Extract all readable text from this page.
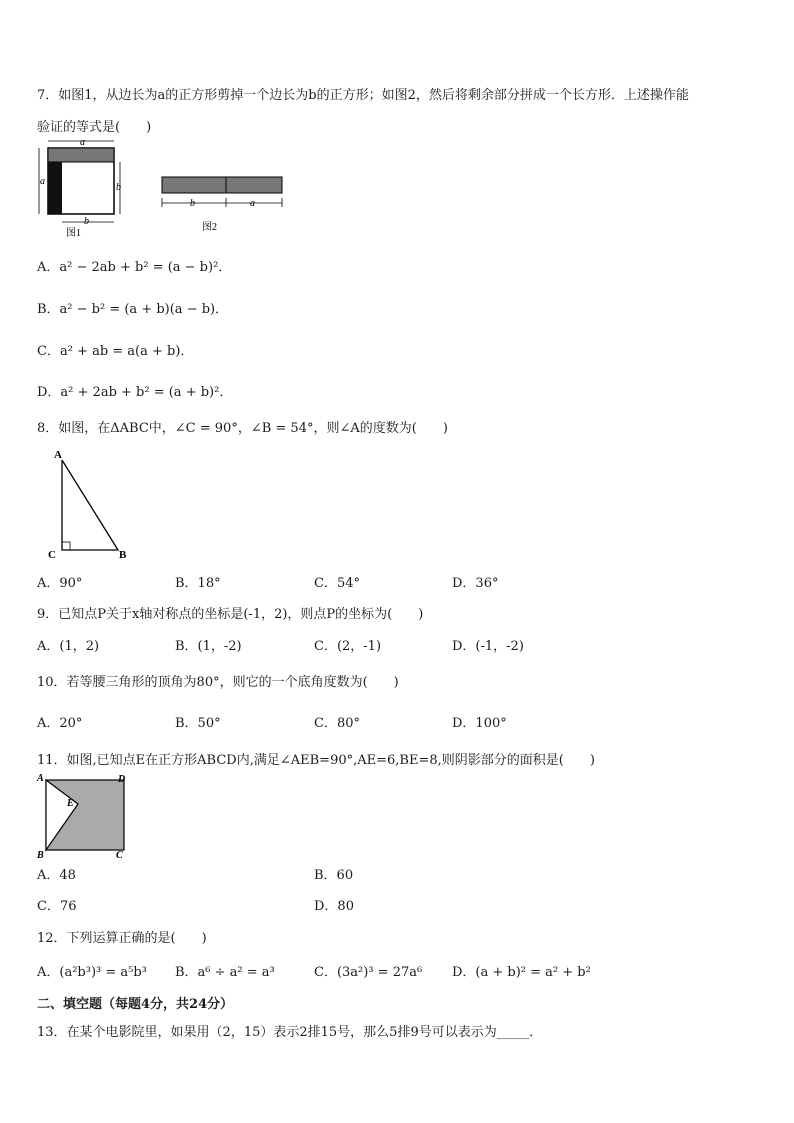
7．如图1，从边长为a的正方形剪掉一个边长为b的正方形；如图2，然后将剩余部分拼成一个长方形．上述操作能
验证的等式是(　　)
a
a
b
b
图1
b	a
图2
A．a² − 2ab + b² = (a − b)²．
B．a² − b² = (a + b)(a − b)．
C．a² + ab = a(a + b)．
D．a² + 2ab + b² = (a + b)²．
8．如图，在ΔABC中，∠C = 90°，∠B = 54°，则∠A的度数为(　　)
A
C	B
A．90°	B．18°	C．54°	D．36°
9．已知点P关于x轴对称点的坐标是(-1，2)，则点P的坐标为(　　)
A．(1，2)	B．(1，-2)	C．(2，-1)	D．(-1，-2)
10．若等腰三角形的顶角为80°，则它的一个底角度数为(　　)
A．20°	B．50°	C．80°	D．100°
11．如图,已知点E在正方形ABCD内,满足∠AEB=90°,AE=6,BE=8,则阴影部分的面积是(　　)
A	D
E
B	C
A．48	B．60
C．76	D．80
12．下列运算正确的是(　　)
A．(a²b³)³ = a⁵b³ B．a⁶ ÷ a² = a³	C．(3a²)³ = 27a⁶ D．(a + b)² = a² + b²
二、填空题（每题4分，共24分）
13．在某个电影院里，如果用（2，15）表示2排15号，那么5排9号可以表示为_____．
